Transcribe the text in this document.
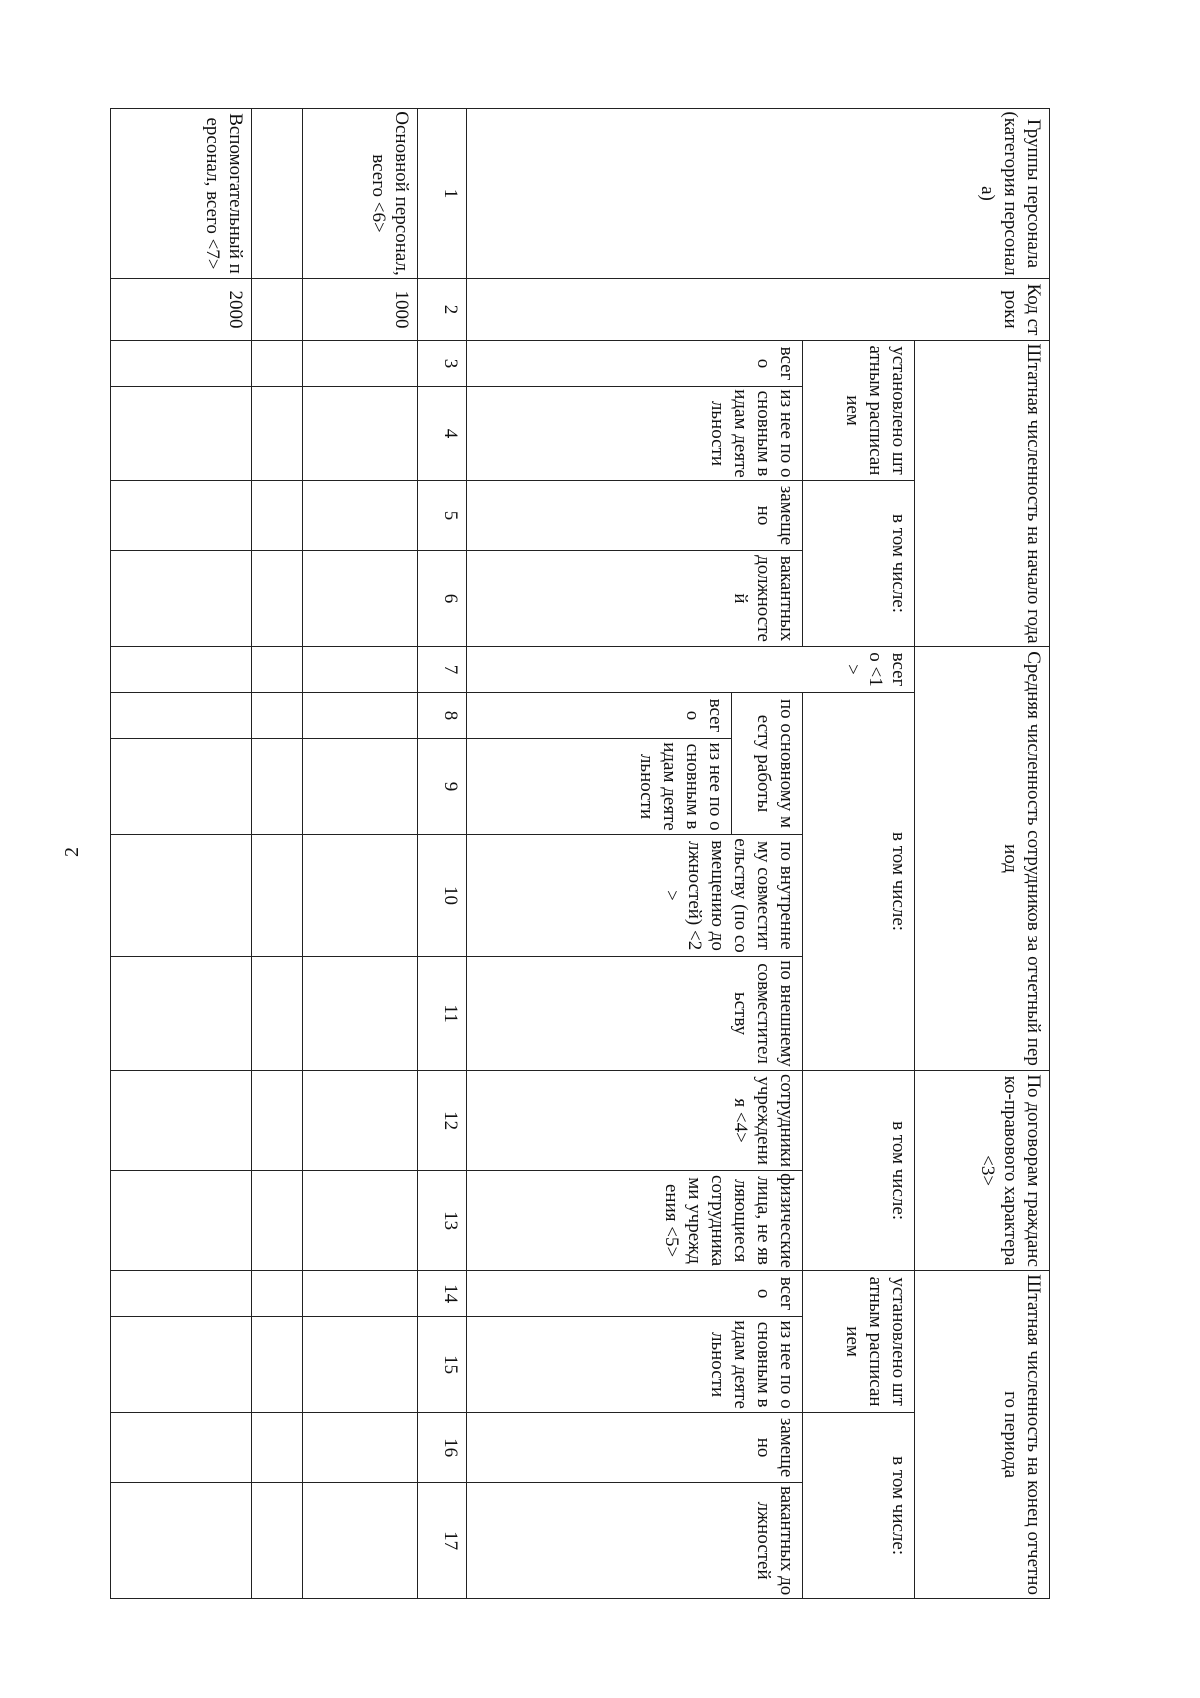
2
Группы персонала (категория персонала)	Код строки	Штатная численность на начало года				Средняя численность сотрудников за отчетный период					По договорам гражданско-правового характера <3>		Штатная численность на конец отчетного периода			
		установлено штатным расписанием		в том числе:		всего <1>	в том числе:				в том числе:		установлено штатным расписанием		в том числе:	
		всего	из нее по основным видам деятельности	замещено	вакантных должностей		по основному месту работы		по внутреннему совместительству (по совмещению должностей) <2>	по внешнему совместительству	сотрудники учреждения <4>	физические лица, не являющиеся сотрудниками учреждения <5>	всего	из нее по основным видам деятельности	замещено	вакантных должностей
							всего	из нее по основным видам деятельности								
1	2	3	4	5	6	7	8	9	10	11	12	13	14	15	16	17
Основной персонал, всего <6>	1000															

Вспомогательный персонал, всего <7>	2000															
